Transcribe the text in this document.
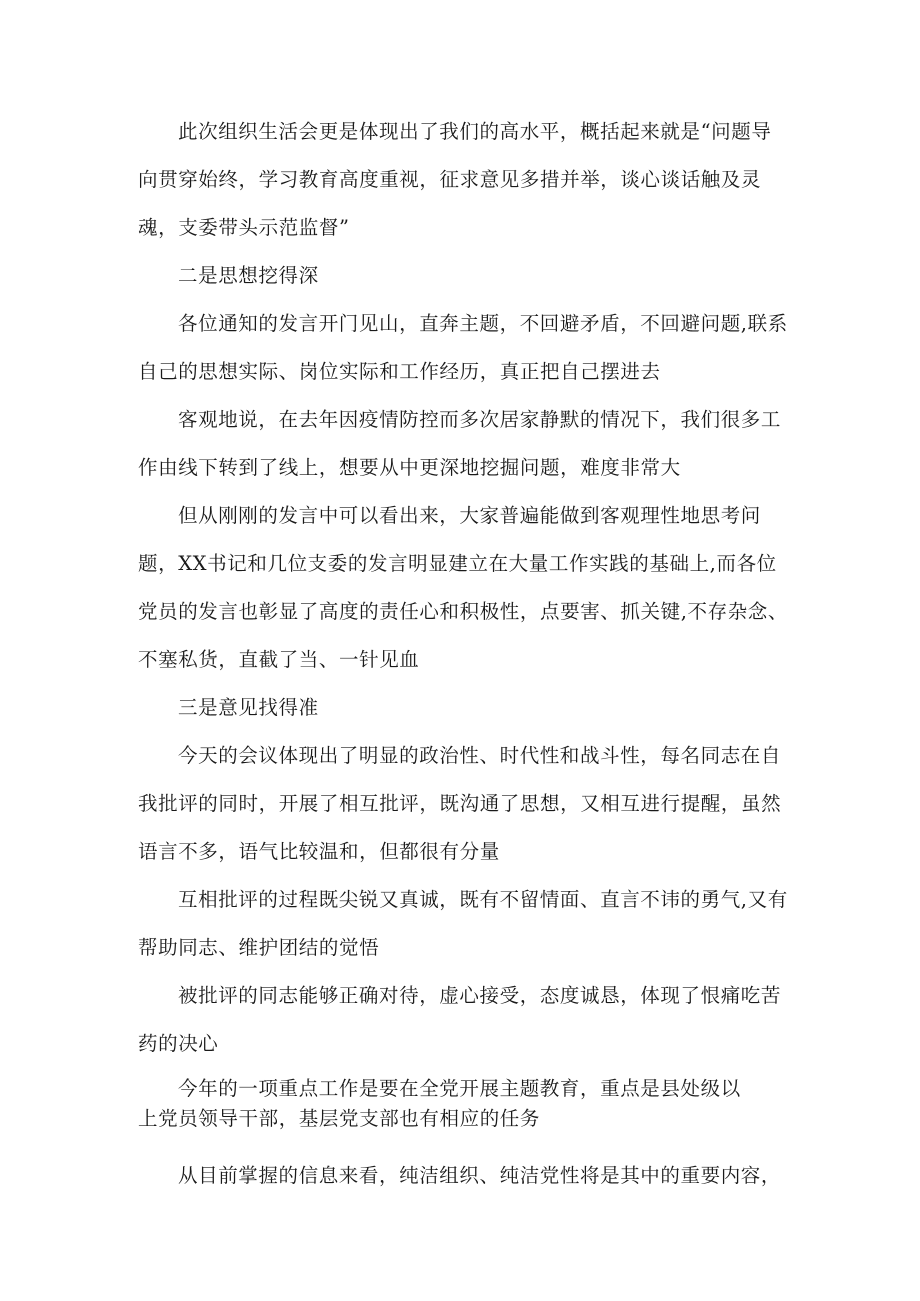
此次组织生活会更是体现出了我们的高水平，概括起来就是“问题导向贯穿始终，学习教育高度重视，征求意见多措并举，谈心谈话触及灵魂，支委带头示范监督”

二是思想挖得深

各位通知的发言开门见山，直奔主题，不回避矛盾，不回避问题,联系自己的思想实际、岗位实际和工作经历，真正把自己摆进去

客观地说，在去年因疫情防控而多次居家静默的情况下，我们很多工作由线下转到了线上，想要从中更深地挖掘问题，难度非常大

但从刚刚的发言中可以看出来，大家普遍能做到客观理性地思考问题，XX书记和几位支委的发言明显建立在大量工作实践的基础上,而各位党员的发言也彰显了高度的责任心和积极性，点要害、抓关键,不存杂念、不塞私货，直截了当、一针见血

三是意见找得准

今天的会议体现出了明显的政治性、时代性和战斗性，每名同志在自我批评的同时，开展了相互批评，既沟通了思想，又相互进行提醒，虽然语言不多，语气比较温和，但都很有分量

互相批评的过程既尖锐又真诚，既有不留情面、直言不讳的勇气,又有帮助同志、维护团结的觉悟

被批评的同志能够正确对待，虚心接受，态度诚恳，体现了恨痛吃苦药的决心

今年的一项重点工作是要在全党开展主题教育，重点是县处级以上党员领导干部，基层党支部也有相应的任务

从目前掌握的信息来看，纯洁组织、纯洁党性将是其中的重要内容，
